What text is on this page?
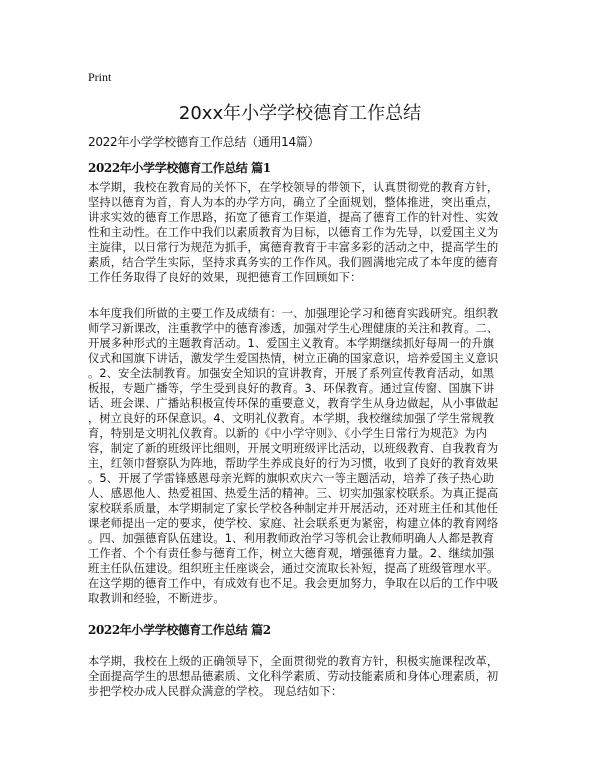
Print
20xx年小学学校德育工作总结
2022年小学学校德育工作总结（通用14篇）
2022年小学学校德育工作总结 篇1
本学期，我校在教育局的关怀下，在学校领导的带领下，认真贯彻党的教育方针，
坚持以德育为首，育人为本的办学方向，确立了全面规划，整体推进，突出重点，
讲求实效的德育工作思路，拓宽了德育工作渠道，提高了德育工作的针对性、实效
性和主动性。在工作中我们以素质教育为目标，以德育工作为先导，以爱国主义为
主旋律，以日常行为规范为抓手，寓德育教育于丰富多彩的活动之中，提高学生的
素质，结合学生实际，坚持求真务实的工作作风。我们圆满地完成了本年度的德育
工作任务取得了良好的效果，现把德育工作回顾如下：
本年度我们所做的主要工作及成绩有：一、加强理论学习和德育实践研究。组织教
师学习新课改，注重教学中的德育渗透，加强对学生心理健康的关注和教育。二、
开展多种形式的主题教育活动。1、爱国主义教育。本学期继续抓好每周一的升旗
仪式和国旗下讲话，激发学生爱国热情，树立正确的国家意识，培养爱国主义意识
。2、安全法制教育。加强安全知识的宣讲教育，开展了系列宣传教育活动，如黑
板报，专题广播等，学生受到良好的教育。3、环保教育。通过宣传窗、国旗下讲
话、班会课、广播站积极宣传环保的重要意义，教育学生从身边做起，从小事做起
，树立良好的环保意识。4、文明礼仪教育。本学期，我校继续加强了学生常规教
育，特别是文明礼仪教育。以新的《中小学守则》、《小学生日常行为规范》为内
容，制定了新的班级评比细则，开展文明班级评比活动，以班级教育、自我教育为
主，红领巾督察队为阵地，帮助学生养成良好的行为习惯，收到了良好的教育效果
。5、开展了学雷锋感恩母亲光辉的旗帜欢庆六一等主题活动，培养了孩子热心助
人、感恩他人、热爱祖国、热爱生活的精神。三、切实加强家校联系。为真正提高
家校联系质量，本学期制定了家长学校各种制定并开展活动，还对班主任和其他任
课老师提出一定的要求，使学校、家庭、社会联系更为紧密，构建立体的教育网络
。四、加强德育队伍建设。1、利用教师政治学习等机会让教师明确人人都是教育
工作者、个个有责任参与德育工作，树立大德育观，增强德育力量。2、继续加强
班主任队伍建设。组织班主任座谈会，通过交流取长补短，提高了班级管理水平。
在这学期的德育工作中，有成效有也不足。我会更加努力，争取在以后的工作中吸
取教训和经验，不断进步。
2022年小学学校德育工作总结 篇2
本学期，我校在上级的正确领导下，全面贯彻党的教育方针，积极实施课程改革，
全面提高学生的思想品德素质、文化科学素质、劳动技能素质和身体心理素质，初
步把学校办成人民群众满意的学校。 现总结如下：
